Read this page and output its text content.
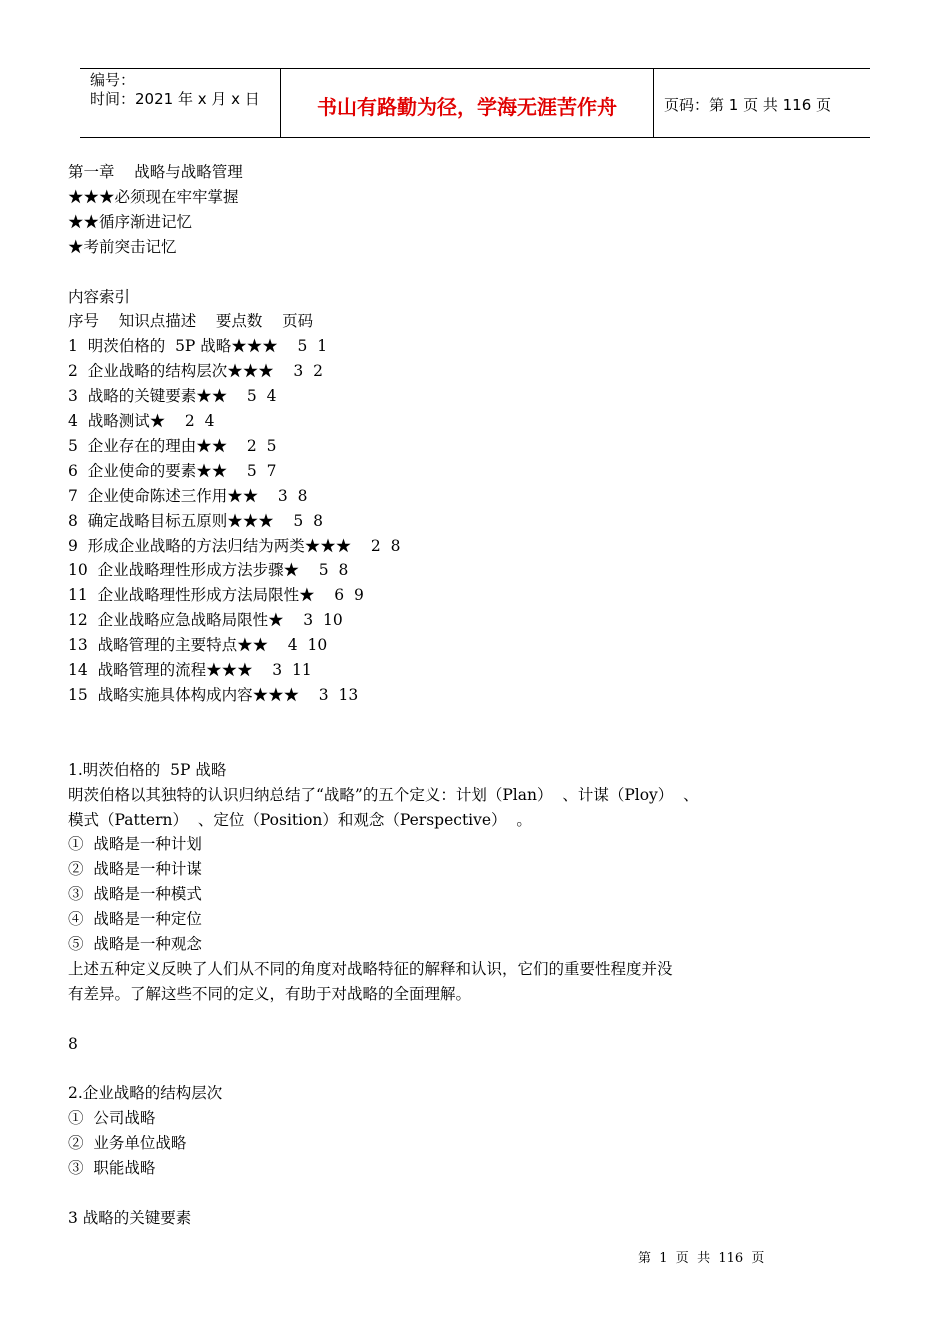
编号：
时间：2021 年 x 月 x 日	书山有路勤为径，学海无涯苦作舟	页码：第 1 页 共 116 页

第一章    战略与战略管理

★★★必须现在牢牢掌握

★★循序渐进记忆

★考前突击记忆

内容索引

序号    知识点描述    要点数    页码

1  明茨伯格的  5P 战略★★★    5  1

2  企业战略的结构层次★★★    3  2

3  战略的关键要素★★    5  4

4  战略测试★    2  4

5  企业存在的理由★★    2  5

6  企业使命的要素★★    5  7

7  企业使命陈述三作用★★    3  8

8  确定战略目标五原则★★★    5  8

9  形成企业战略的方法归结为两类★★★    2  8

10  企业战略理性形成方法步骤★    5  8

11  企业战略理性形成方法局限性★    6  9

12  企业战略应急战略局限性★    3  10

13  战略管理的主要特点★★    4  10

14  战略管理的流程★★★    3  11

15  战略实施具体构成内容★★★    3  13

1.明茨伯格的  5P 战略

明茨伯格以其独特的认识归纳总结了“战略”的五个定义：计划（Plan）  、计谋（Ploy）  、

模式（Pattern）  、定位（Position）和观念（Perspective）  。

①  战略是一种计划

②  战略是一种计谋

③  战略是一种模式

④  战略是一种定位

⑤  战略是一种观念

上述五种定义反映了人们从不同的角度对战略特征的解释和认识，它们的重要性程度并没

有差异。了解这些不同的定义，有助于对战略的全面理解。

8

2.企业战略的结构层次

①  公司战略

②  业务单位战略

③  职能战略

3 战略的关键要素

第  1  页  共  116  页
